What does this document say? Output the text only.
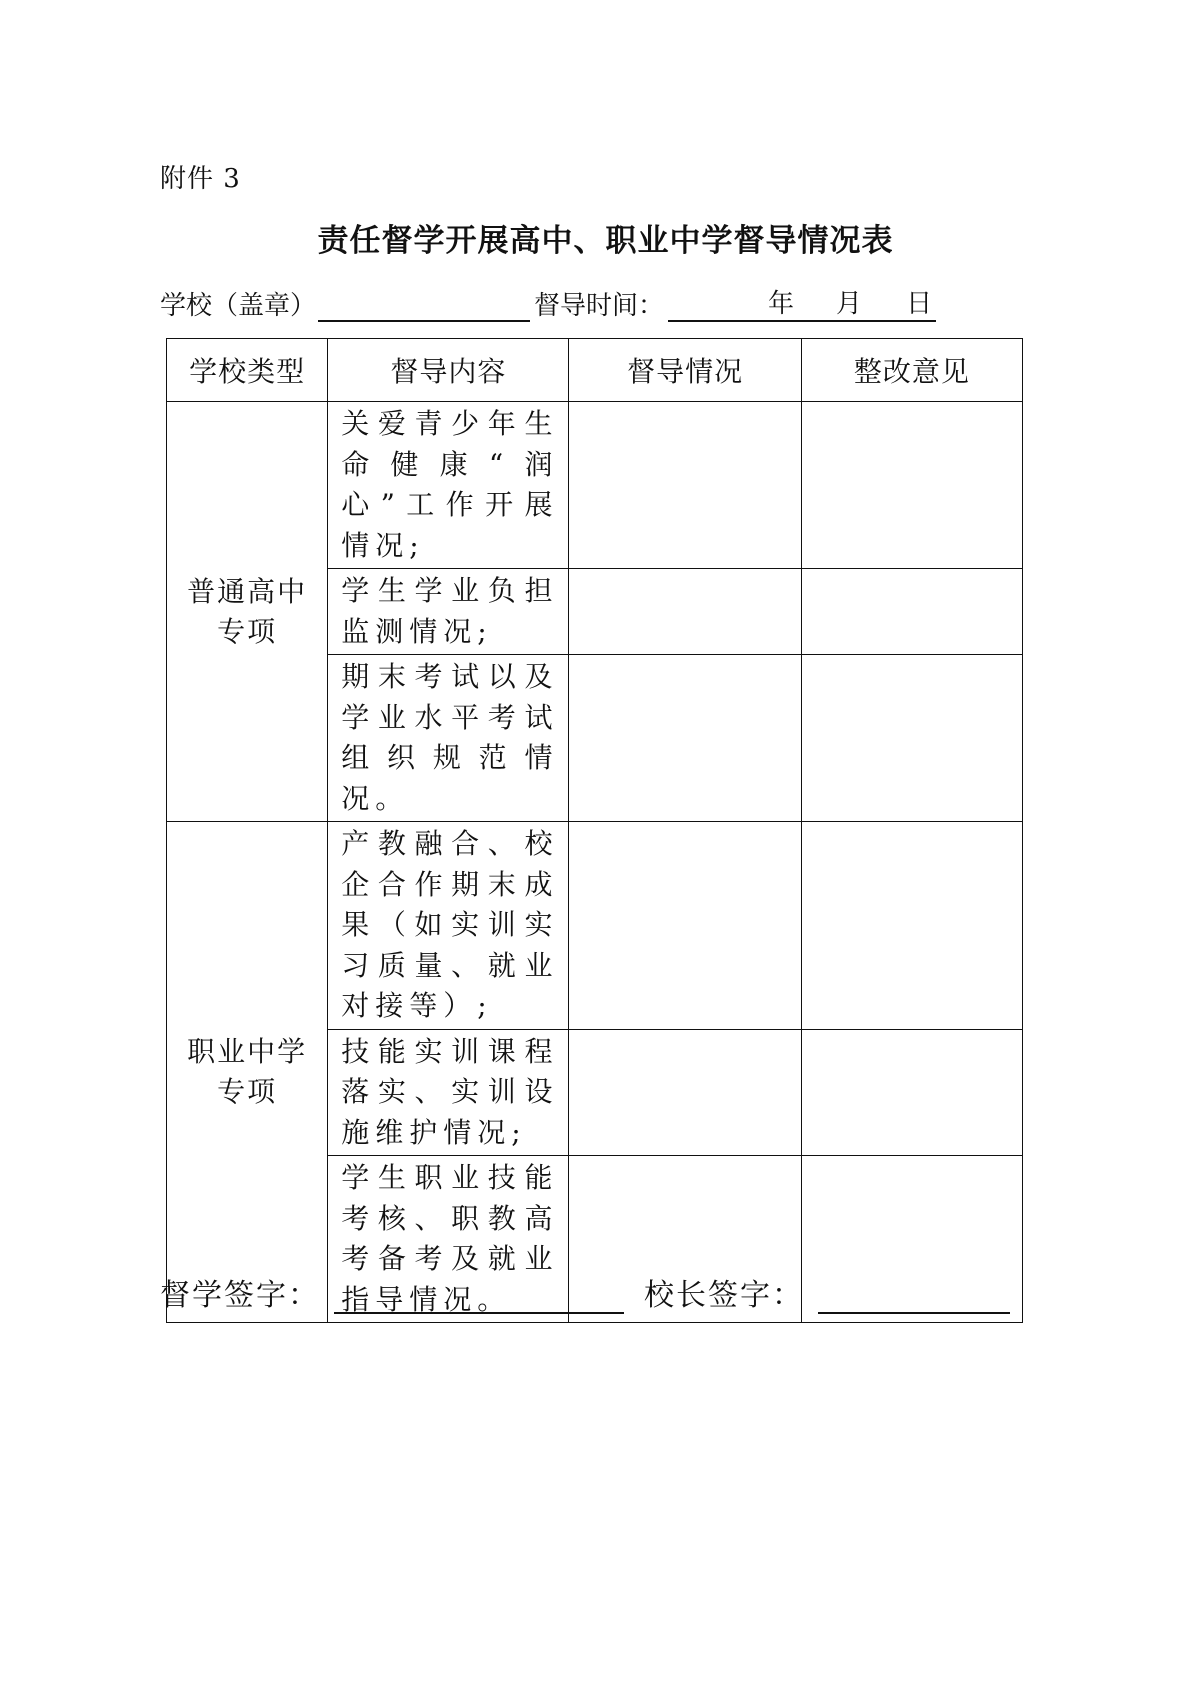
附件 3
责任督学开展高中、职业中学督导情况表
学校（盖章）	督导时间：	年 月 日
学校类型	督导内容	督导情况	整改意见

普通高中专项	关爱青少年生命健康“润心”工作开展情况;		
	学生学业负担监测情况;		
	期末考试以及学业水平考试组织规范情况。		

职业中学专项	产教融合、校企合作期末成果（如实训实习质量、就业对接等）;		
	技能实训课程落实、实训设施维护情况;		
	学生职业技能考核、职教高考备考及就业指导情况。		
督学签字：	校长签字：
